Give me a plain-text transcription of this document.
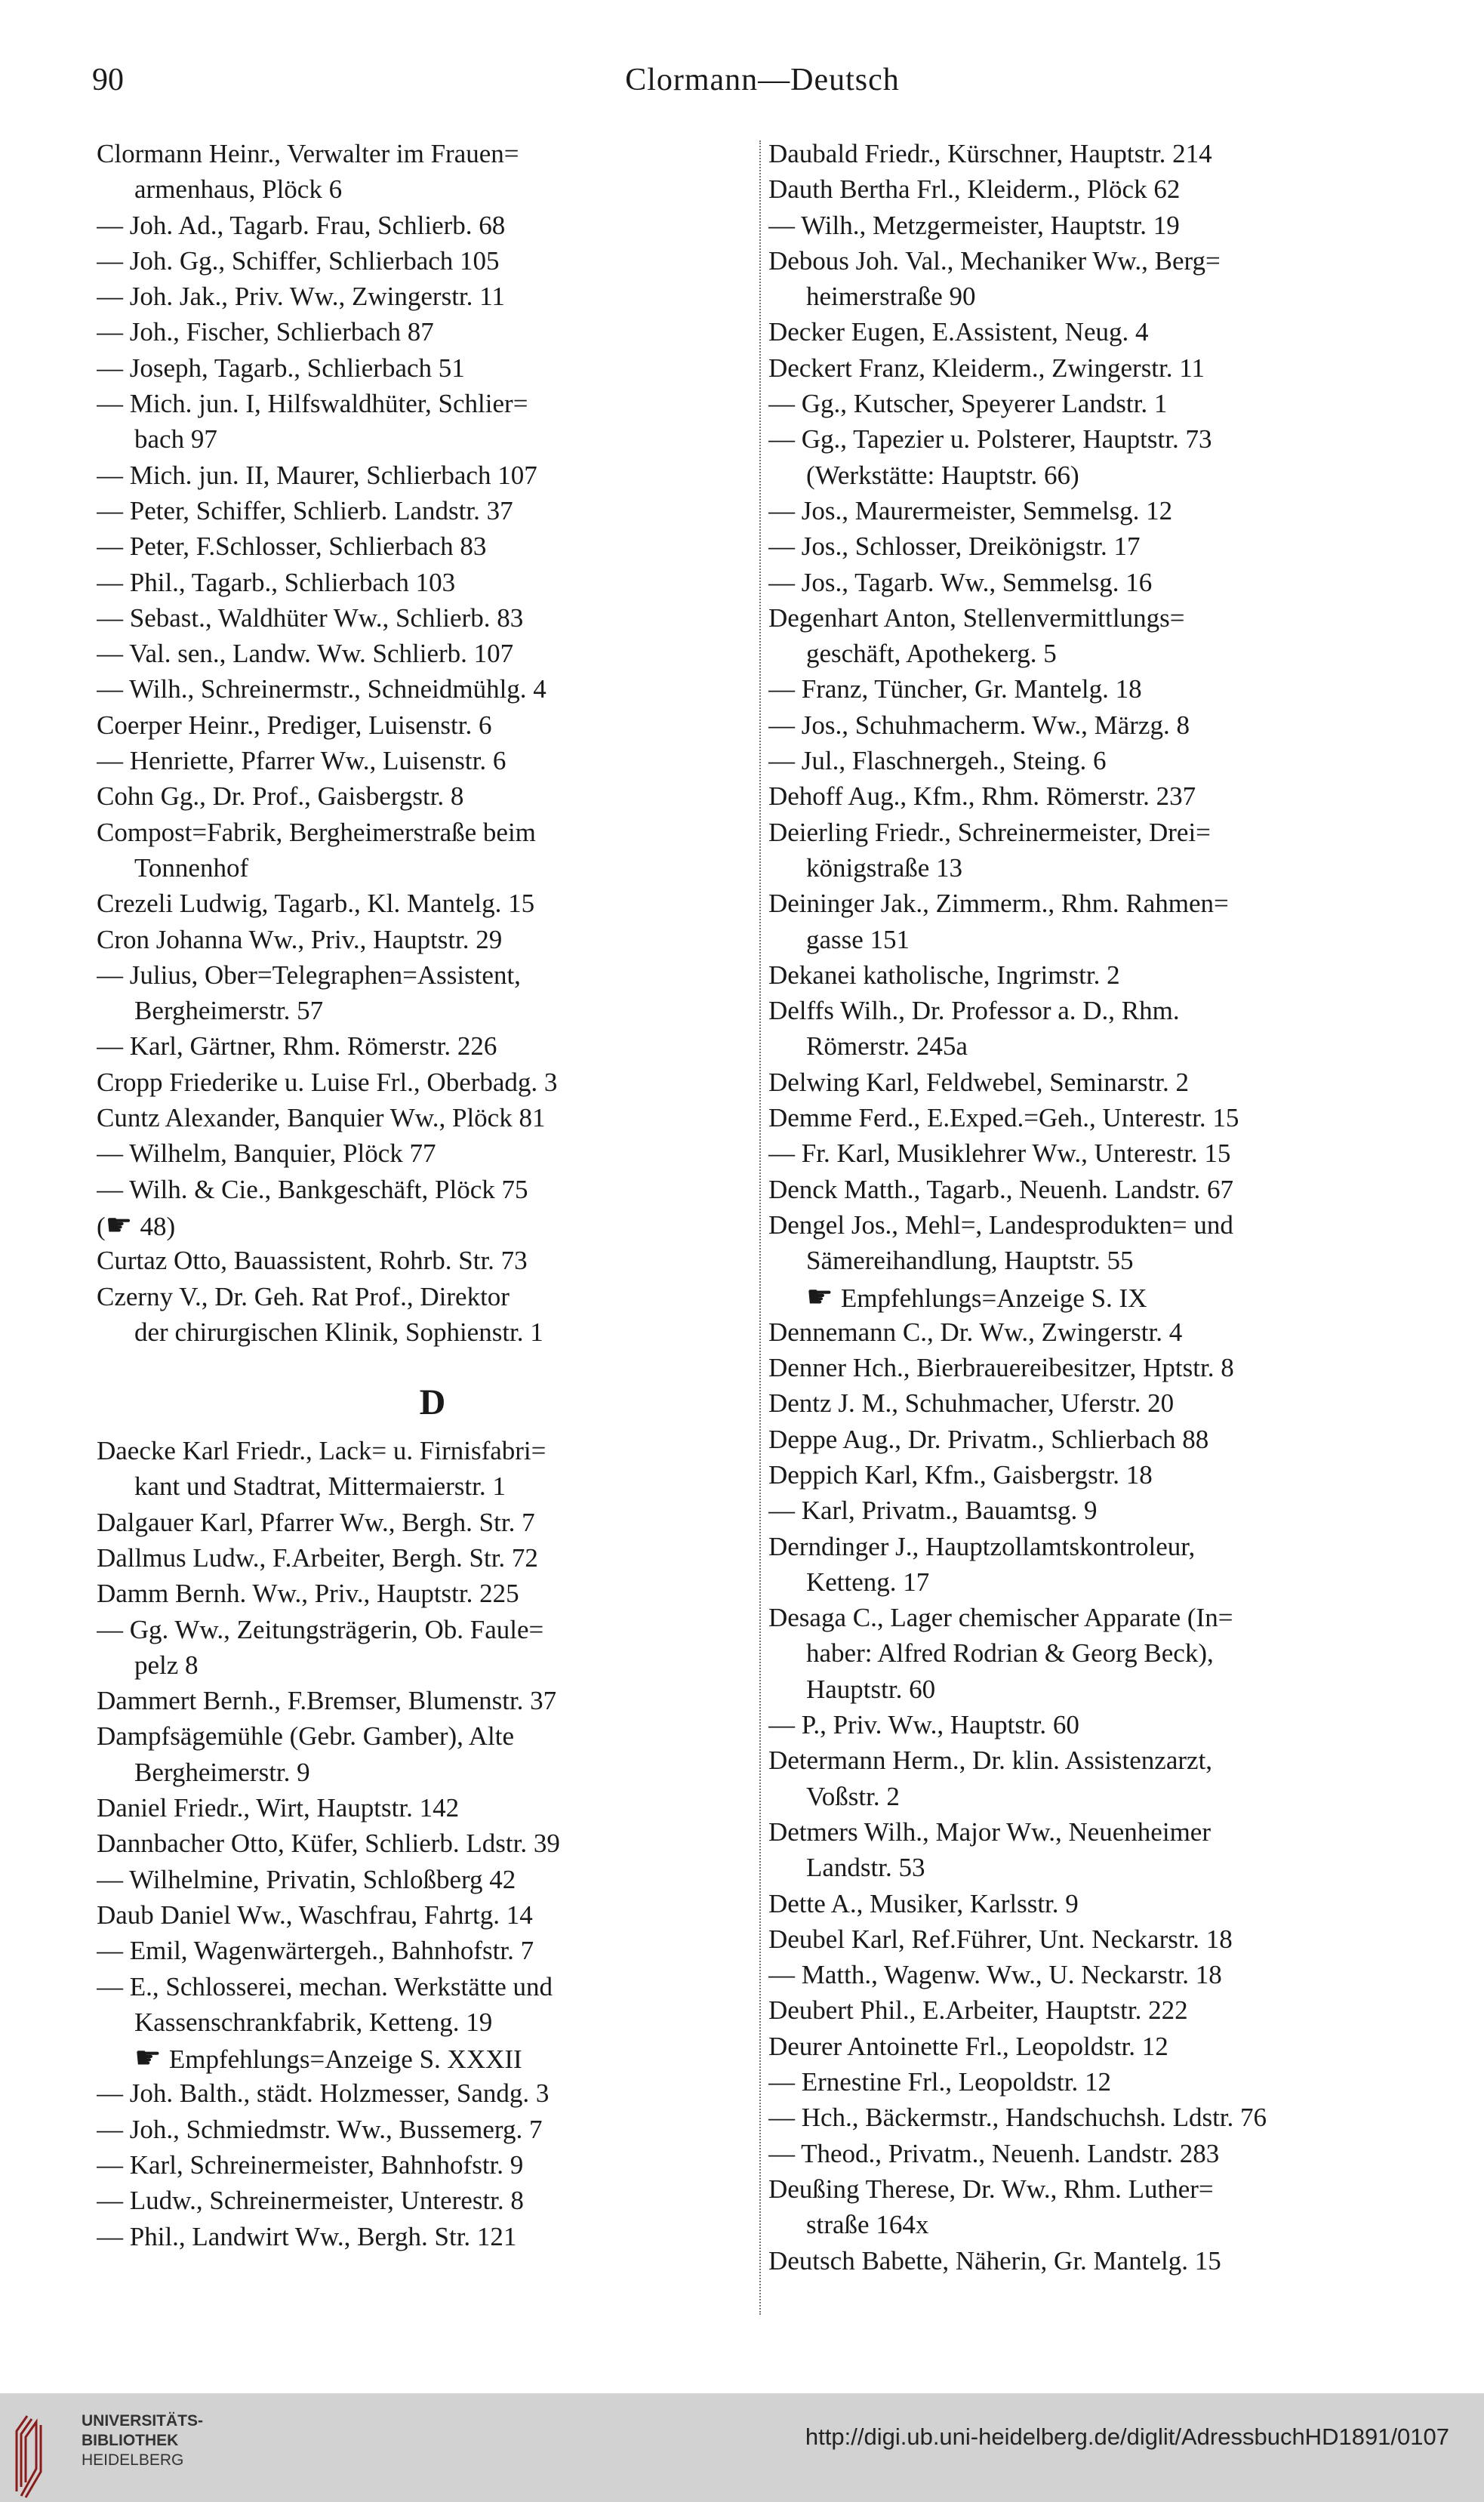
90	Clormann—Deutsch
Clormann Heinr., Verwalter im Frauen=
armenhaus, Plöck 6
— Joh. Ad., Tagarb. Frau, Schlierb. 68
— Joh. Gg., Schiffer, Schlierbach 105
— Joh. Jak., Priv. Ww., Zwingerstr. 11
— Joh., Fischer, Schlierbach 87
— Joseph, Tagarb., Schlierbach 51
— Mich. jun. I, Hilfswaldhüter, Schlier=
bach 97
— Mich. jun. II, Maurer, Schlierbach 107
— Peter, Schiffer, Schlierb. Landstr. 37
— Peter, F.Schlosser, Schlierbach 83
— Phil., Tagarb., Schlierbach 103
— Sebast., Waldhüter Ww., Schlierb. 83
— Val. sen., Landw. Ww. Schlierb. 107
— Wilh., Schreinermstr., Schneidmühlg. 4
Coerper Heinr., Prediger, Luisenstr. 6
— Henriette, Pfarrer Ww., Luisenstr. 6
Cohn Gg., Dr. Prof., Gaisbergstr. 8
Compost=Fabrik, Bergheimerstraße beim
Tonnenhof
Crezeli Ludwig, Tagarb., Kl. Mantelg. 15
Cron Johanna Ww., Priv., Hauptstr. 29
— Julius, Ober=Telegraphen=Assistent,
Bergheimerstr. 57
— Karl, Gärtner, Rhm. Römerstr. 226
Cropp Friederike u. Luise Frl., Oberbadg. 3
Cuntz Alexander, Banquier Ww., Plöck 81
— Wilhelm, Banquier, Plöck 77
— Wilh. & Cie., Bankgeschäft, Plöck 75
(☛ 48)
Curtaz Otto, Bauassistent, Rohrb. Str. 73
Czerny V., Dr. Geh. Rat Prof., Direktor
der chirurgischen Klinik, Sophienstr. 1
D
Daecke Karl Friedr., Lack= u. Firnisfabri=
kant und Stadtrat, Mittermaierstr. 1
Dalgauer Karl, Pfarrer Ww., Bergh. Str. 7
Dallmus Ludw., F.Arbeiter, Bergh. Str. 72
Damm Bernh. Ww., Priv., Hauptstr. 225
— Gg. Ww., Zeitungsträgerin, Ob. Faule=
pelz 8
Dammert Bernh., F.Bremser, Blumenstr. 37
Dampfsägemühle (Gebr. Gamber), Alte
Bergheimerstr. 9
Daniel Friedr., Wirt, Hauptstr. 142
Dannbacher Otto, Küfer, Schlierb. Ldstr. 39
— Wilhelmine, Privatin, Schloßberg 42
Daub Daniel Ww., Waschfrau, Fahrtg. 14
— Emil, Wagenwärtergeh., Bahnhofstr. 7
— E., Schlosserei, mechan. Werkstätte und
Kassenschrankfabrik, Ketteng. 19
☛ Empfehlungs=Anzeige S. XXXII
— Joh. Balth., städt. Holzmesser, Sandg. 3
— Joh., Schmiedmstr. Ww., Bussemerg. 7
— Karl, Schreinermeister, Bahnhofstr. 9
— Ludw., Schreinermeister, Unterestr. 8
— Phil., Landwirt Ww., Bergh. Str. 121
Daubald Friedr., Kürschner, Hauptstr. 214
Dauth Bertha Frl., Kleiderm., Plöck 62
— Wilh., Metzgermeister, Hauptstr. 19
Debous Joh. Val., Mechaniker Ww., Berg=
heimerstraße 90
Decker Eugen, E.Assistent, Neug. 4
Deckert Franz, Kleiderm., Zwingerstr. 11
— Gg., Kutscher, Speyerer Landstr. 1
— Gg., Tapezier u. Polsterer, Hauptstr. 73
(Werkstätte: Hauptstr. 66)
— Jos., Maurermeister, Semmelsg. 12
— Jos., Schlosser, Dreikönigstr. 17
— Jos., Tagarb. Ww., Semmelsg. 16
Degenhart Anton, Stellenvermittlungs=
geschäft, Apothekerg. 5
— Franz, Tüncher, Gr. Mantelg. 18
— Jos., Schuhmacherm. Ww., Märzg. 8
— Jul., Flaschnergeh., Steing. 6
Dehoff Aug., Kfm., Rhm. Römerstr. 237
Deierling Friedr., Schreinermeister, Drei=
königstraße 13
Deininger Jak., Zimmerm., Rhm. Rahmen=
gasse 151
Dekanei katholische, Ingrimstr. 2
Delffs Wilh., Dr. Professor a. D., Rhm.
Römerstr. 245a
Delwing Karl, Feldwebel, Seminarstr. 2
Demme Ferd., E.Exped.=Geh., Unterestr. 15
— Fr. Karl, Musiklehrer Ww., Unterestr. 15
Denck Matth., Tagarb., Neuenh. Landstr. 67
Dengel Jos., Mehl=, Landesprodukten= und
Sämereihandlung, Hauptstr. 55
☛ Empfehlungs=Anzeige S. IX
Dennemann C., Dr. Ww., Zwingerstr. 4
Denner Hch., Bierbrauereibesitzer, Hptstr. 8
Dentz J. M., Schuhmacher, Uferstr. 20
Deppe Aug., Dr. Privatm., Schlierbach 88
Deppich Karl, Kfm., Gaisbergstr. 18
— Karl, Privatm., Bauamtsg. 9
Derndinger J., Hauptzollamtskontroleur,
Ketteng. 17
Desaga C., Lager chemischer Apparate (In=
haber: Alfred Rodrian & Georg Beck),
Hauptstr. 60
— P., Priv. Ww., Hauptstr. 60
Determann Herm., Dr. klin. Assistenzarzt,
Voßstr. 2
Detmers Wilh., Major Ww., Neuenheimer
Landstr. 53
Dette A., Musiker, Karlsstr. 9
Deubel Karl, Ref.Führer, Unt. Neckarstr. 18
— Matth., Wagenw. Ww., U. Neckarstr. 18
Deubert Phil., E.Arbeiter, Hauptstr. 222
Deurer Antoinette Frl., Leopoldstr. 12
— Ernestine Frl., Leopoldstr. 12
— Hch., Bäckermstr., Handschuchsh. Ldstr. 76
— Theod., Privatm., Neuenh. Landstr. 283
Deußing Therese, Dr. Ww., Rhm. Luther=
straße 164x
Deutsch Babette, Näherin, Gr. Mantelg. 15
UNIVERSITÄTS-
BIBLIOTHEK
HEIDELBERG
http://digi.ub.uni-heidelberg.de/diglit/AdressbuchHD1891/0107
